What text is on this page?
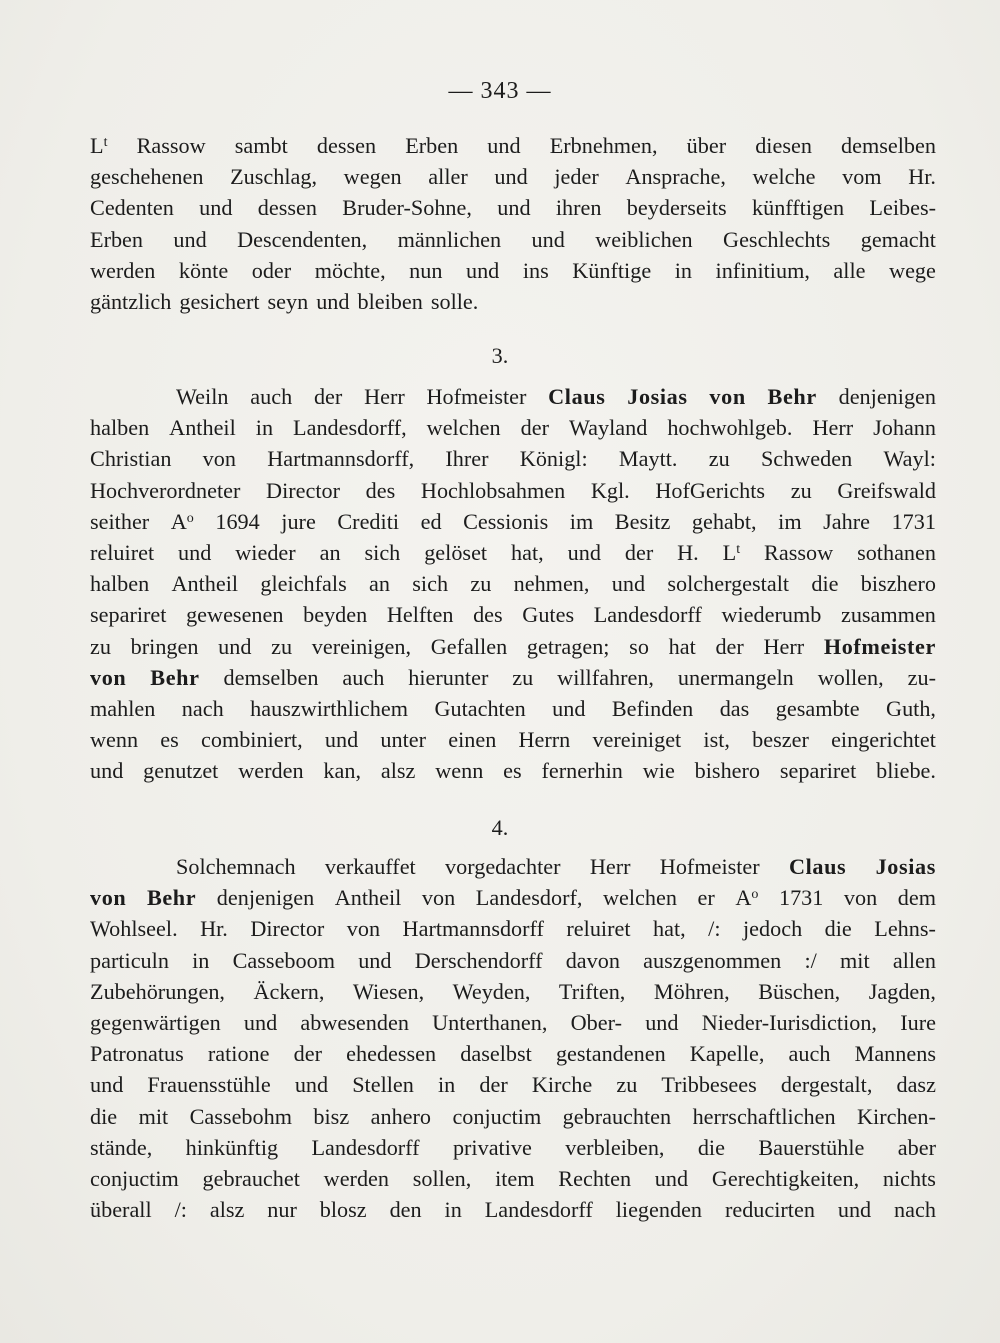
— 343 —
$L^t$ Rassow sambt dessen Erben und Erbnehmen, über diesen demselben
geschehenen Zuschlag, wegen aller und jeder Ansprache, welche vom Hr.
Cedenten und dessen Bruder-Sohne, und ihren beyderseits künfftigen Leibes-
Erben und Descendenten, männlichen und weiblichen Geschlechts gemacht
werden könte oder möchte, nun und ins Künftige in infinitium, alle wege
gäntzlich gesichert seyn und bleiben solle.
3.
Weiln auch der Herr Hofmeister Claus Josias von Behr denjenigen
halben Antheil in Landesdorff, welchen der Wayland hochwohlgeb. Herr Johann
Christian von Hartmannsdorff, Ihrer Königl: Maytt. zu Schweden Wayl:
Hochverordneter Director des Hochlobsahmen Kgl. HofGerichts zu Greifswald
seither $A^o$ 1694 jure Crediti ed Cessionis im Besitz gehabt, im Jahre 1731
reluiret und wieder an sich gelöset hat, und der H. $L^t$ Rassow sothanen
halben Antheil gleichfals an sich zu nehmen, und solchergestalt die biszhero
separiret gewesenen beyden Helften des Gutes Landesdorff wiederumb zusammen
zu bringen und zu vereinigen, Gefallen getragen; so hat der Herr Hofmeister
von Behr demselben auch hierunter zu willfahren, unermangeln wollen, zu-
mahlen nach hauszwirthlichem Gutachten und Befinden das gesambte Guth,
wenn es combiniert, und unter einen Herrn vereiniget ist, beszer eingerichtet
und genutzet werden kan, alsz wenn es fernerhin wie bishero separiret bliebe.
4.
Solchemnach verkauffet vorgedachter Herr Hofmeister Claus Josias
von Behr denjenigen Antheil von Landesdorf, welchen er $A^o$ 1731 von dem
Wohlseel. Hr. Director von Hartmannsdorff reluiret hat, /: jedoch die Lehns-
particuln in Casseboom und Derschendorff davon auszgenommen :/ mit allen
Zubehörungen, Äckern, Wiesen, Weyden, Triften, Möhren, Büschen, Jagden,
gegenwärtigen und abwesenden Unterthanen, Ober- und Nieder-Iurisdiction, Iure
Patronatus ratione der ehedessen daselbst gestandenen Kapelle, auch Mannens
und Frauensstühle und Stellen in der Kirche zu Tribbesees dergestalt, dasz
die mit Cassebohm bisz anhero conjuctim gebrauchten herrschaftlichen Kirchen-
stände, hinkünftig Landesdorff privative verbleiben, die Bauerstühle aber
conjuctim gebrauchet werden sollen, item Rechten und Gerechtigkeiten, nichts
überall /: alsz nur blosz den in Landesdorff liegenden reducirten und nach
